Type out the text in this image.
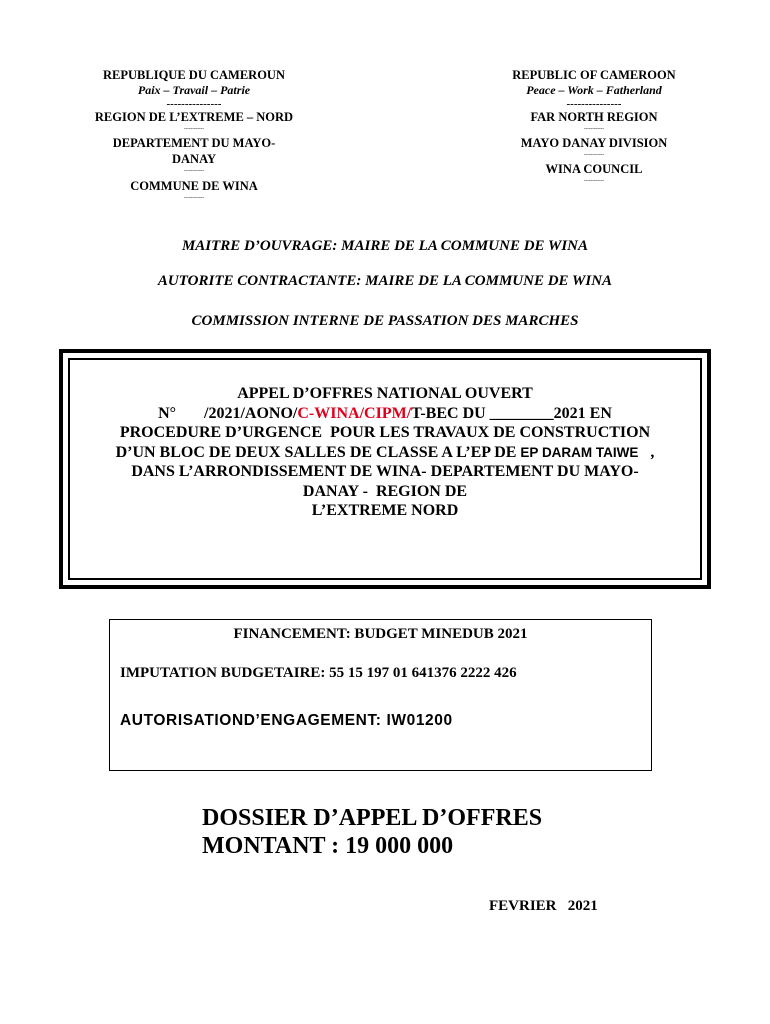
REPUBLIQUE DU CAMEROUN
Paix – Travail – Patrie
---------------
REGION DE L’EXTREME – NORD
------------
DEPARTEMENT DU MAYO-DANAY
------------
COMMUNE DE WINA
------------
REPUBLIC OF CAMEROON
Peace – Work – Fatherland
---------------
FAR NORTH REGION
------------
MAYO DANAY DIVISION
------------
WINA COUNCIL
------------
MAITRE D’OUVRAGE: MAIRE DE LA COMMUNE DE WINA
AUTORITE CONTRACTANTE: MAIRE DE LA COMMUNE DE WINA
COMMISSION INTERNE DE PASSATION DES MARCHES
APPEL D’OFFRES NATIONAL OUVERT
N°       /2021/AONO/C-WINA/CIPM/T-BEC DU ________2021 EN
PROCEDURE D’URGENCE  POUR LES TRAVAUX DE CONSTRUCTION
D’UN BLOC DE DEUX SALLES DE CLASSE A L’EP DE EP DARAM TAIWE   ,
DANS L’ARRONDISSEMENT DE WINA- DEPARTEMENT DU MAYO-
DANAY -  REGION DE
L’EXTREME NORD
FINANCEMENT: BUDGET MINEDUB 2021
IMPUTATION BUDGETAIRE: 55 15 197 01 641376 2222 426
AUTORISATIOND’ENGAGEMENT: IW01200
DOSSIER D’APPEL D’OFFRES
MONTANT : 19 000 000
FEVRIER   2021
